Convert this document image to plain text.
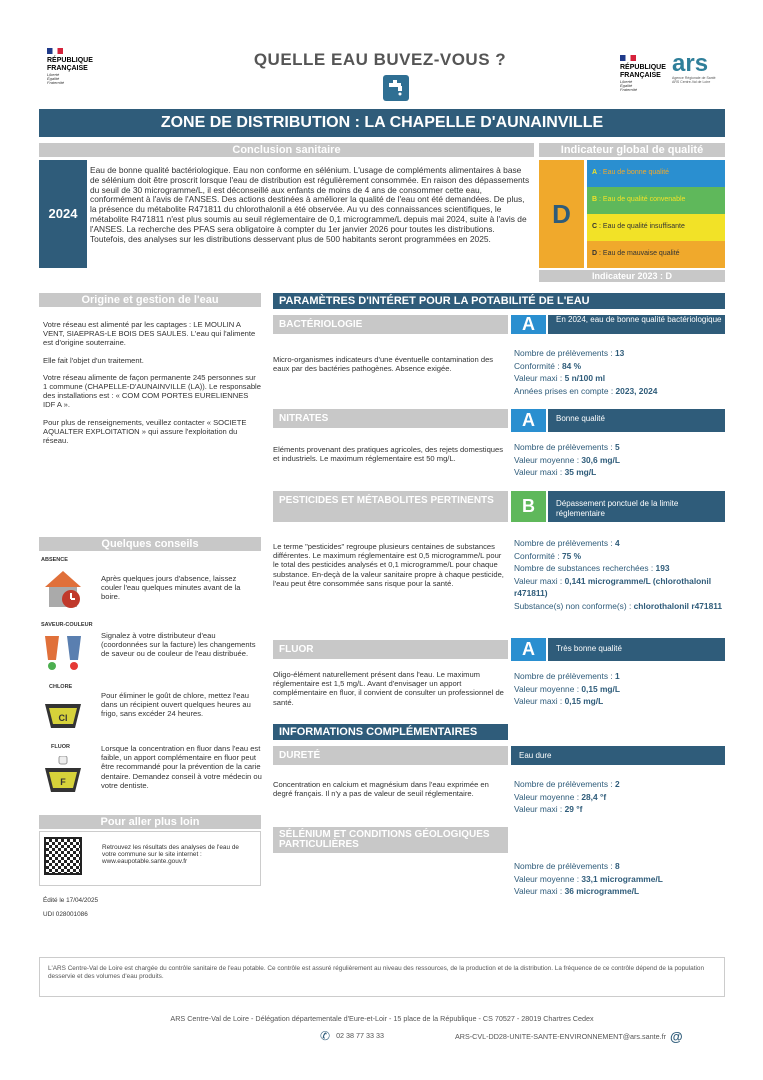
RÉPUBLIQUE
FRANÇAISE
Liberté
Égalité
Fraternité
QUELLE EAU BUVEZ-VOUS ?	RÉPUBLIQUE
FRANÇAISE
Liberté
Égalité
Fraternité
ars
Agence Régionale de Santé
ARS Centre-Val de Loire
ZONE DE DISTRIBUTION : LA CHAPELLE D'AUNAINVILLE
Conclusion sanitaire
2024
Eau de bonne qualité bactériologique. Eau non conforme en sélénium. L'usage de compléments alimentaires à base de sélénium doit être proscrit lorsque l'eau de distribution est régulièrement consommée. En raison des dépassements du seuil de 30 microgramme/L, il est déconseillé aux enfants de moins de 4 ans de consommer cette eau, conformément à l'avis de l'ANSES. Des actions destinées à améliorer la qualité de l'eau ont été demandées. De plus, la présence du métabolite R471811 du chlorothalonil a été observée. Au vu des connaissances scientifiques, le métabolite R471811 n'est plus soumis au seuil réglementaire de 0,1 microgramme/L depuis mai 2024, suite à l'avis de l'ANSES. La recherche des PFAS sera obligatoire à compter du 1er janvier 2026 pour toutes les distributions. Toutefois, des analyses sur les distributions desservant plus de 500 habitants seront programmées en 2025.
Indicateur global de qualité
D
A : Eau de bonne qualité
B : Eau de qualité convenable
C : Eau de qualité insuffisante
D : Eau de mauvaise qualité
Indicateur 2023 : D
Origine et gestion de l'eau

Votre réseau est alimenté par les captages : LE MOULIN A VENT, SIAEPRAS-LE BOIS DES SAULES. L'eau qui l'alimente est d'origine souterraine.

Elle fait l'objet d'un traitement.

Votre réseau alimente de façon permanente 245 personnes sur 1 commune (CHAPELLE-D'AUNAINVILLE (LA)). Le responsable des installations est : « COM COM PORTES EURELIENNES IDF A ».

Pour plus de renseignements, veuillez contacter « SOCIETE AQUALTER EXPLOITATION » qui assure l'exploitation du réseau.

Quelques conseils
ABSENCE
Après quelques jours d'absence, laissez couler l'eau quelques minutes avant de la boire.
SAVEUR-COULEUR
Signalez à votre distributeur d'eau (coordonnées sur la facture) les changements de saveur ou de couleur de l'eau distribuée.
CHLORE
Cl
Pour éliminer le goût de chlore, mettez l'eau dans un récipient ouvert quelques heures au frigo, sans excéder 24 heures.
FLUOR
F
Lorsque la concentration en fluor dans l'eau est faible, un apport complémentaire en fluor peut être recommandé pour la prévention de la carie dentaire. Demandez conseil à votre médecin ou votre dentiste.
Pour aller plus loin
Retrouvez les résultats des analyses de l'eau de votre commune sur le site internet : www.eaupotable.sante.gouv.fr
Édité le 17/04/2025
UDI 028001086
PARAMÈTRES D'INTÉRET POUR LA POTABILITÉ DE L'EAU
BACTÉRIOLOGIE	A	En 2024, eau de bonne qualité bactériologique
Micro-organismes indicateurs d'une éventuelle contamination des eaux par des bactéries pathogènes. Absence exigée.
Nombre de prélèvements : 13
Conformité : 84 %
Valeur maxi : 5 n/100 ml
Années prises en compte : 2023, 2024
NITRATES	A	Bonne qualité
Eléments provenant des pratiques agricoles, des rejets domestiques et industriels. Le maximum réglementaire est 50 mg/L.
Nombre de prélèvements : 5
Valeur moyenne : 30,6 mg/L
Valeur maxi : 35 mg/L
PESTICIDES ET MÉTABOLITES PERTINENTS	B	Dépassement ponctuel de la limite réglementaire
Le terme "pesticides" regroupe plusieurs centaines de substances différentes. Le maximum réglementaire est 0,5 microgramme/L pour le total des pesticides analysés et 0,1 microgramme/L pour chaque substance. En-deçà de la valeur sanitaire propre à chaque pesticide, l'eau peut être consommée sans risque pour la santé.
Nombre de prélèvements : 4
Conformité : 75 %
Nombre de substances recherchées : 193
Valeur maxi : 0,141 microgramme/L (chlorothalonil r471811)
Substance(s) non conforme(s) : chlorothalonil r471811
FLUOR	A	Très bonne qualité
Oligo-élément naturellement présent dans l'eau. Le maximum réglementaire est 1,5 mg/L. Avant d'envisager un apport complémentaire en fluor, il convient de consulter un professionnel de santé.
Nombre de prélèvements : 1
Valeur moyenne : 0,15 mg/L
Valeur maxi : 0,15 mg/L
INFORMATIONS COMPLÉMENTAIRES
DURETÉ	Eau dure
Concentration en calcium et magnésium dans l'eau exprimée en degré français. Il n'y a pas de valeur de seuil réglementaire.
Nombre de prélèvements : 2
Valeur moyenne : 28,4 °f
Valeur maxi : 29 °f
SÉLÉNIUM ET CONDITIONS GÉOLOGIQUES PARTICULIÈRES
Nombre de prélèvements : 8
Valeur moyenne : 33,1 microgramme/L
Valeur maxi : 36 microgramme/L
L'ARS Centre-Val de Loire est chargée du contrôle sanitaire de l'eau potable. Ce contrôle est assuré régulièrement au niveau des ressources, de la production et de la distribution. La fréquence de ce contrôle dépend de la population desservie et des volumes d'eau produits.
ARS Centre-Val de Loire - Délégation départementale d'Eure-et-Loir - 15 place de la République - CS 70527 - 28019 Chartres Cedex
✆ 02 38 77 33 33	ARS-CVL-DD28-UNITE-SANTE-ENVIRONNEMENT@ars.sante.fr @
